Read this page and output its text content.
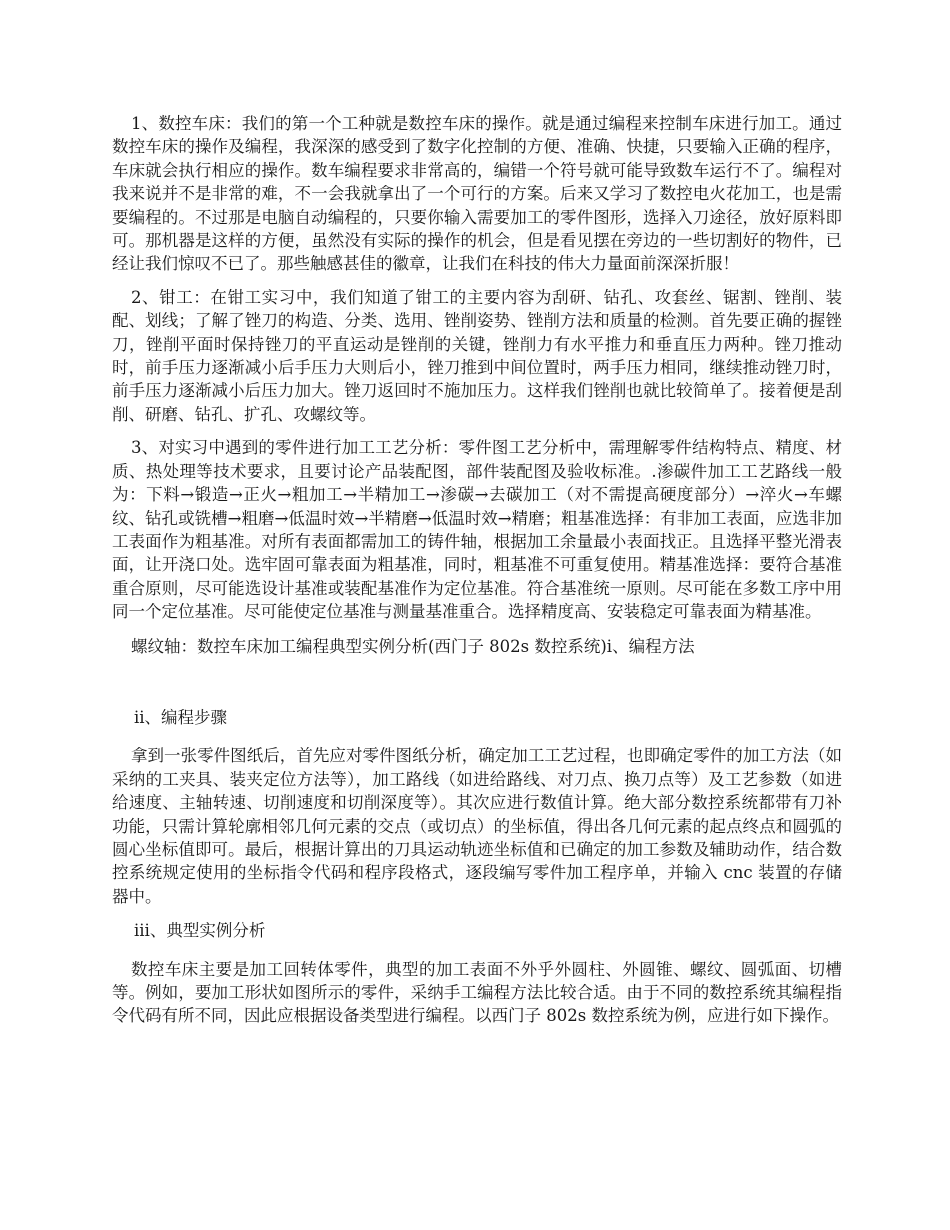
1、数控车床：我们的第一个工种就是数控车床的操作。就是通过编程来控制车床进行加工。通过数控车床的操作及编程，我深深的感受到了数字化控制的方便、准确、快捷，只要输入正确的程序，车床就会执行相应的操作。数车编程要求非常高的，编错一个符号就可能导致数车运行不了。编程对我来说并不是非常的难，不一会我就拿出了一个可行的方案。后来又学习了数控电火花加工，也是需要编程的。不过那是电脑自动编程的，只要你输入需要加工的零件图形，选择入刀途径，放好原料即可。那机器是这样的方便，虽然没有实际的操作的机会，但是看见摆在旁边的一些切割好的物件，已经让我们惊叹不已了。那些触感甚佳的徽章，让我们在科技的伟大力量面前深深折服！

2、钳工：在钳工实习中，我们知道了钳工的主要内容为刮研、钻孔、攻套丝、锯割、锉削、装配、划线；了解了锉刀的构造、分类、选用、锉削姿势、锉削方法和质量的检测。首先要正确的握锉刀，锉削平面时保持锉刀的平直运动是锉削的关键，锉削力有水平推力和垂直压力两种。锉刀推动时，前手压力逐渐减小后手压力大则后小，锉刀推到中间位置时，两手压力相同，继续推动锉刀时，前手压力逐渐减小后压力加大。锉刀返回时不施加压力。这样我们锉削也就比较简单了。接着便是刮削、研磨、钻孔、扩孔、攻螺纹等。

3、对实习中遇到的零件进行加工工艺分析：零件图工艺分析中，需理解零件结构特点、精度、材质、热处理等技术要求，且要讨论产品装配图，部件装配图及验收标准。.渗碳件加工工艺路线一般为：下料→锻造→正火→粗加工→半精加工→渗碳→去碳加工（对不需提高硬度部分）→淬火→车螺纹、钻孔或铣槽→粗磨→低温时效→半精磨→低温时效→精磨；粗基准选择：有非加工表面，应选非加工表面作为粗基准。对所有表面都需加工的铸件轴，根据加工余量最小表面找正。且选择平整光滑表面，让开浇口处。选牢固可靠表面为粗基准，同时，粗基准不可重复使用。精基准选择：要符合基准重合原则，尽可能选设计基准或装配基准作为定位基准。符合基准统一原则。尽可能在多数工序中用同一个定位基准。尽可能使定位基准与测量基准重合。选择精度高、安装稳定可靠表面为精基准。

螺纹轴：数控车床加工编程典型实例分析(西门子 802s 数控系统)i、编程方法

ⅱ、编程步骤

拿到一张零件图纸后，首先应对零件图纸分析，确定加工工艺过程，也即确定零件的加工方法（如采纳的工夹具、装夹定位方法等），加工路线（如进给路线、对刀点、换刀点等）及工艺参数（如进给速度、主轴转速、切削速度和切削深度等）。其次应进行数值计算。绝大部分数控系统都带有刀补功能，只需计算轮廓相邻几何元素的交点（或切点）的坐标值，得出各几何元素的起点终点和圆弧的圆心坐标值即可。最后，根据计算出的刀具运动轨迹坐标值和已确定的加工参数及辅助动作，结合数控系统规定使用的坐标指令代码和程序段格式，逐段编写零件加工程序单，并输入 cnc 装置的存储器中。

ⅲ、典型实例分析

数控车床主要是加工回转体零件，典型的加工表面不外乎外圆柱、外圆锥、螺纹、圆弧面、切槽等。例如，要加工形状如图所示的零件，采纳手工编程方法比较合适。由于不同的数控系统其编程指令代码有所不同，因此应根据设备类型进行编程。以西门子 802s 数控系统为例，应进行如下操作。
